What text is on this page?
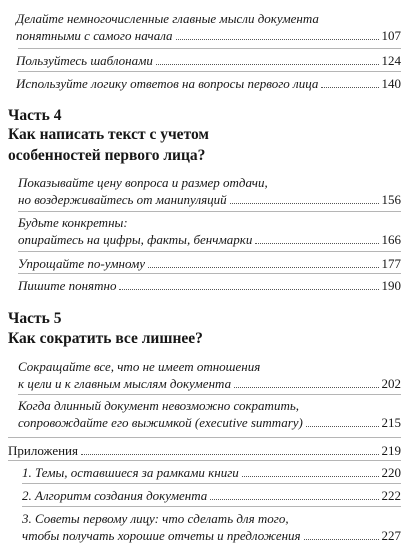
Делайте немногочисленные главные мысли документа
понятными с самого начала	107
Пользуйтесь шаблонами	124
Используйте логику ответов на вопросы первого лица	140
Часть 4
Как написать текст с учетом
особенностей первого лица?
Показывайте цену вопроса и размер отдачи,
но воздерживайтесь от манипуляций	156
Будьте конкретны:
опирайтесь на цифры, факты, бенчмарки	166
Упрощайте по-умному	177
Пишите понятно	190
Часть 5
Как сократить все лишнее?
Сокращайте все, что не имеет отношения
к цели и к главным мыслям документа	202
Когда длинный документ невозможно сократить,
сопровождайте его выжимкой (executive summary)	215
Приложения	219
1. Темы, оставшиеся за рамками книги	220
2. Алгоритм создания документа	222
3. Советы первому лицу: что сделать для того,
чтобы получать хорошие отчеты и предложения	227
